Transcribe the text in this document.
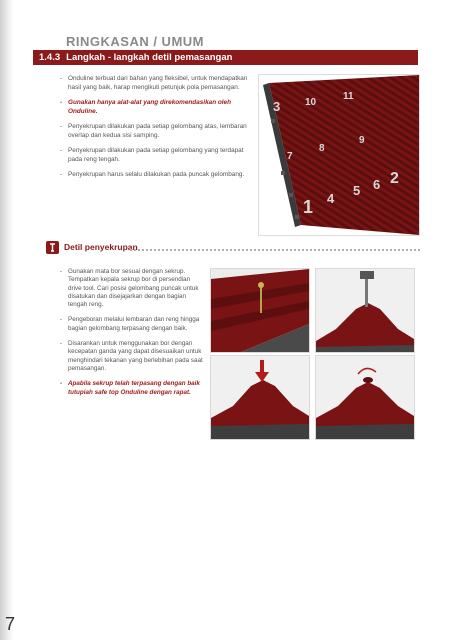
RINGKASAN / UMUM
1.4.3 Langkah - langkah detil pemasangan
- Onduline terbuat dari bahan yang fleksibel, untuk mendapatkan hasil yang baik, harap mengikuti petunjuk pola pemasangan.
- Gunakan hanya alat-alat yang direkomendasikan oleh Onduline.
- Penyekrupan dilakukan pada setiap gelombang atas, lembaran overlap dan kedua sisi samping.
- Penyekrupan dilakukan pada setiap gelombang yang terdapat pada reng tengah.
- Penyekrupan harus selalu dilakukan pada puncak gelombang.
3 10
11
7
8
9
1 4
5 6 2
Detil penyekrupan
- Gunakan mata bor sesuai dengan sekrup. Tempatkan kepala sekrup bor di persendian drive tool. Cari posisi gelombang puncak untuk disatukan dan disejajarkan dengan bagian tengah reng.
- Pengeboran melalui lembaran dan reng hingga bagian gelombang terpasang dengan baik.
- Disarankan untuk menggunakan bor dengan kecepatan ganda yang dapat disesuaikan untuk menghindari tekanan yang berlebihan pada saat pemasangan.
- Apabila sekrup telah terpasang dengan baik tutupiah safe top Onduline dengan rapat.
7
